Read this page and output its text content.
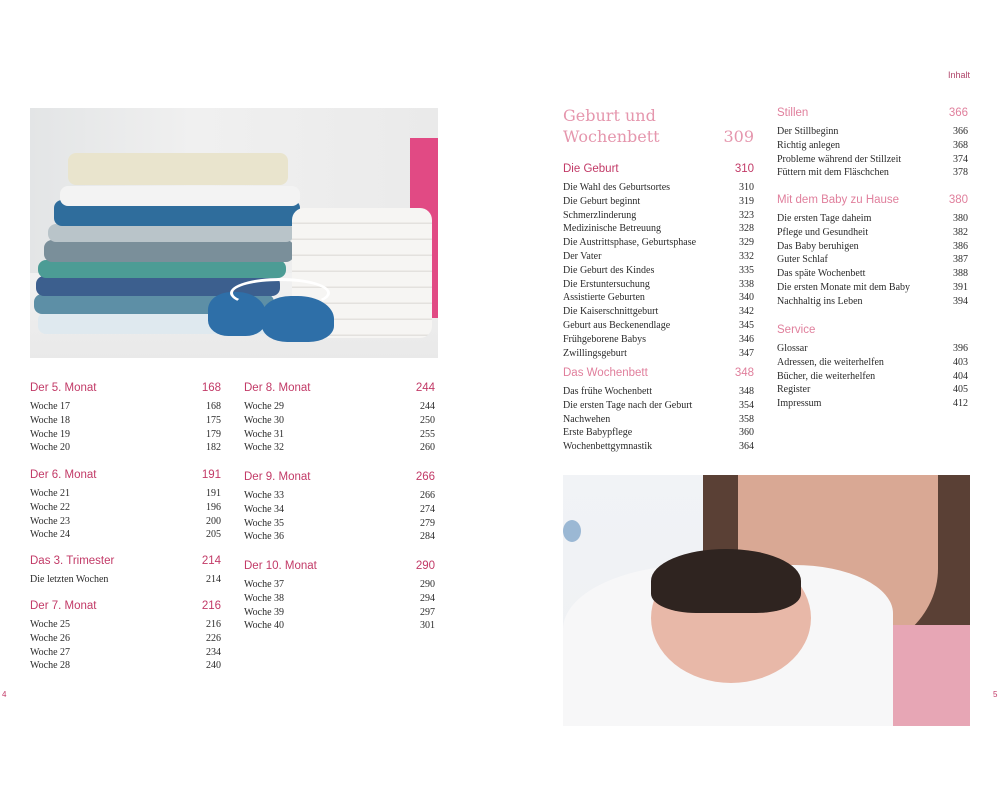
Inhalt
4	5
Der 5. Monat	168
Woche 17	168
Woche 18	175
Woche 19	179
Woche 20	182
Der 6. Monat	191
Woche 21	191
Woche 22	196
Woche 23	200
Woche 24	205
Das 3. Trimester	214
Die letzten Wochen	214
Der 7. Monat	216
Woche 25	216
Woche 26	226
Woche 27	234
Woche 28	240
Der 8. Monat	244
Woche 29	244
Woche 30	250
Woche 31	255
Woche 32	260
Der 9. Monat	266
Woche 33	266
Woche 34	274
Woche 35	279
Woche 36	284
Der 10. Monat	290
Woche 37	290
Woche 38	294
Woche 39	297
Woche 40	301
Geburt und
Wochenbett	309
Die Geburt	310
Die Wahl des Geburtsortes	310
Die Geburt beginnt	319
Schmerzlinderung	323
Medizinische Betreuung	328
Die Austrittsphase, Geburtsphase	329
Der Vater	332
Die Geburt des Kindes	335
Die Erstuntersuchung	338
Assistierte Geburten	340
Die Kaiserschnittgeburt	342
Geburt aus Beckenendlage	345
Frühgeborene Babys	346
Zwillingsgeburt	347
Das Wochenbett	348
Das frühe Wochenbett	348
Die ersten Tage nach der Geburt	354
Nachwehen	358
Erste Babypflege	360
Wochenbettgymnastik	364
Stillen	366
Der Stillbeginn	366
Richtig anlegen	368
Probleme während der Stillzeit	374
Füttern mit dem Fläschchen	378
Mit dem Baby zu Hause	380
Die ersten Tage daheim	380
Pflege und Gesundheit	382
Das Baby beruhigen	386
Guter Schlaf	387
Das späte Wochenbett	388
Die ersten Monate mit dem Baby	391
Nachhaltig ins Leben	394
Service
Glossar	396
Adressen, die weiterhelfen	403
Bücher, die weiterhelfen	404
Register	405
Impressum	412
